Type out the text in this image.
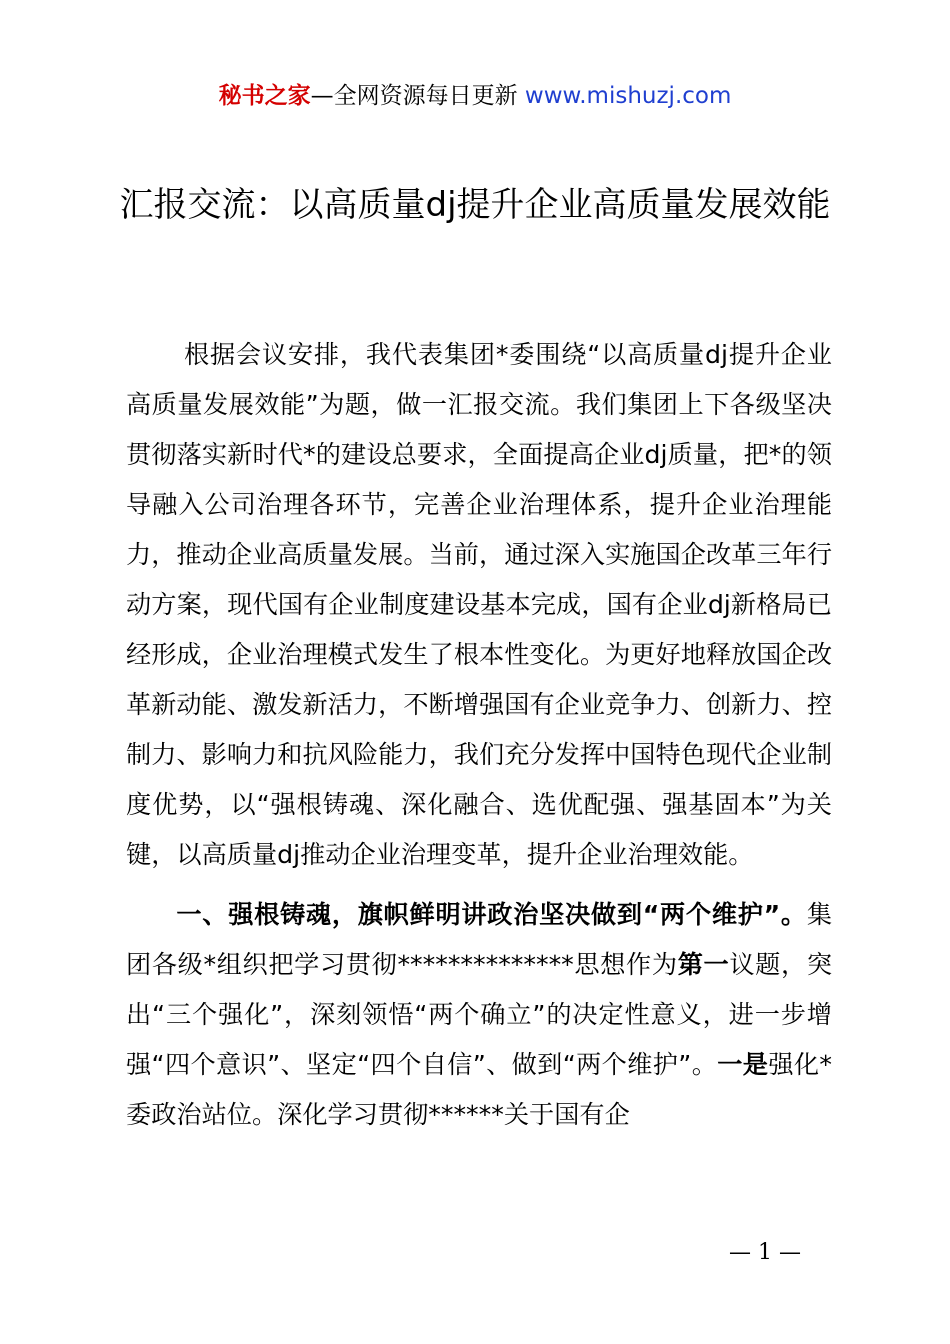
秘书之家—全网资源每日更新 www.mishuzj.com
汇报交流：以高质量dj提升企业高质量发展效能

根据会议安排，我代表集团*委围绕“以高质量dj提升企业高质量发展效能”为题，做一汇报交流。我们集团上下各级坚决贯彻落实新时代*的建设总要求，全面提高企业dj质量，把*的领导融入公司治理各环节，完善企业治理体系，提升企业治理能力，推动企业高质量发展。当前，通过深入实施国企改革三年行动方案，现代国有企业制度建设基本完成，国有企业dj新格局已经形成，企业治理模式发生了根本性变化。为更好地释放国企改革新动能、激发新活力，不断增强国有企业竞争力、创新力、控制力、影响力和抗风险能力，我们充分发挥中国特色现代企业制度优势，以“强根铸魂、深化融合、选优配强、强基固本”为关键，以高质量dj推动企业治理变革，提升企业治理效能。

一、强根铸魂，旗帜鲜明讲政治坚决做到“两个维护”。集团各级*组织把学习贯彻**************思想作为第一议题，突出“三个强化”，深刻领悟“两个确立”的决定性意义，进一步增强“四个意识”、坚定“四个自信”、做到“两个维护”。一是强化*委政治站位。深化学习贯彻******关于国有企

— 1 —
